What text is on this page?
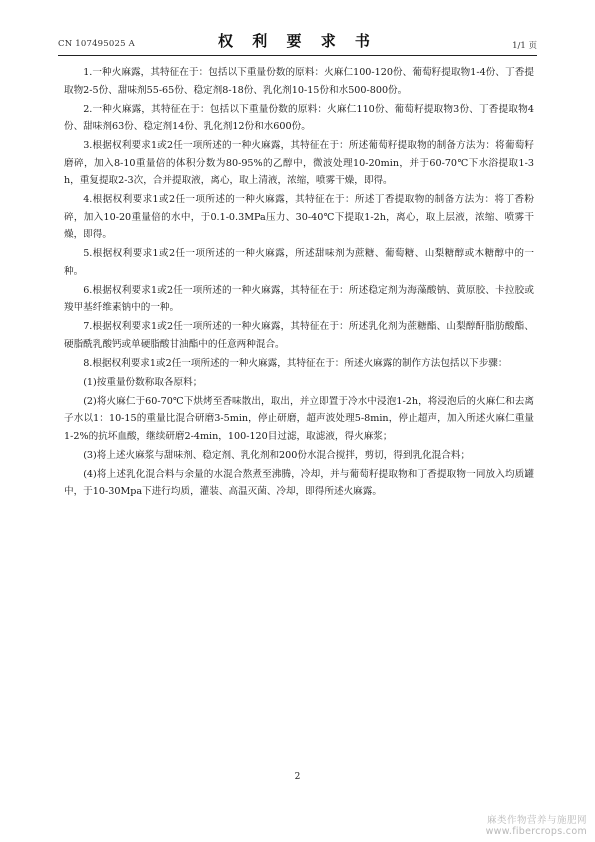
CN 107495025 A	权 利 要 求 书	1/1 页

1.一种火麻露，其特征在于：包括以下重量份数的原料：火麻仁100-120份、葡萄籽提取物1-4份、丁香提取物2-5份、甜味剂55-65份、稳定剂8-18份、乳化剂10-15份和水500-800份。

2.一种火麻露，其特征在于：包括以下重量份数的原料：火麻仁110份、葡萄籽提取物3份、丁香提取物4份、甜味剂63份、稳定剂14份、乳化剂12份和水600份。

3.根据权利要求1或2任一项所述的一种火麻露，其特征在于：所述葡萄籽提取物的制备方法为：将葡萄籽磨碎，加入8-10重量倍的体积分数为80-95%的乙醇中，微波处理10-20min，并于60-70℃下水浴提取1-3h，重复提取2-3次，合并提取液，离心，取上清液，浓缩，喷雾干燥，即得。

4.根据权利要求1或2任一项所述的一种火麻露，其特征在于：所述丁香提取物的制备方法为：将丁香粉碎，加入10-20重量倍的水中，于0.1-0.3MPa压力、30-40℃下提取1-2h，离心，取上层液，浓缩、喷雾干燥，即得。

5.根据权利要求1或2任一项所述的一种火麻露，所述甜味剂为蔗糖、葡萄糖、山梨糖醇或木糖醇中的一种。

6.根据权利要求1或2任一项所述的一种火麻露，其特征在于：所述稳定剂为海藻酸钠、黄原胶、卡拉胶或羧甲基纤维素钠中的一种。

7.根据权利要求1或2任一项所述的一种火麻露，其特征在于：所述乳化剂为蔗糖酯、山梨醇酐脂肪酸酯、硬脂酰乳酸钙或单硬脂酸甘油酯中的任意两种混合。

8.根据权利要求1或2任一项所述的一种火麻露，其特征在于：所述火麻露的制作方法包括以下步骤：

(1)按重量份数称取各原料；

(2)将火麻仁于60-70℃下烘烤至香味散出，取出，并立即置于冷水中浸泡1-2h，将浸泡后的火麻仁和去离子水以1：10-15的重量比混合研磨3-5min，停止研磨，超声波处理5-8min，停止超声，加入所述火麻仁重量1-2%的抗坏血酸，继续研磨2-4min，100-120目过滤，取滤液，得火麻浆；

(3)将上述火麻浆与甜味剂、稳定剂、乳化剂和200份水混合搅拌，剪切，得到乳化混合料；

(4)将上述乳化混合料与余量的水混合熬煮至沸腾，冷却，并与葡萄籽提取物和丁香提取物一同放入均质罐中，于10-30Mpa下进行均质，灌装、高温灭菌、冷却，即得所述火麻露。

2
麻类作物营养与施肥网
www.fibercrops.com
